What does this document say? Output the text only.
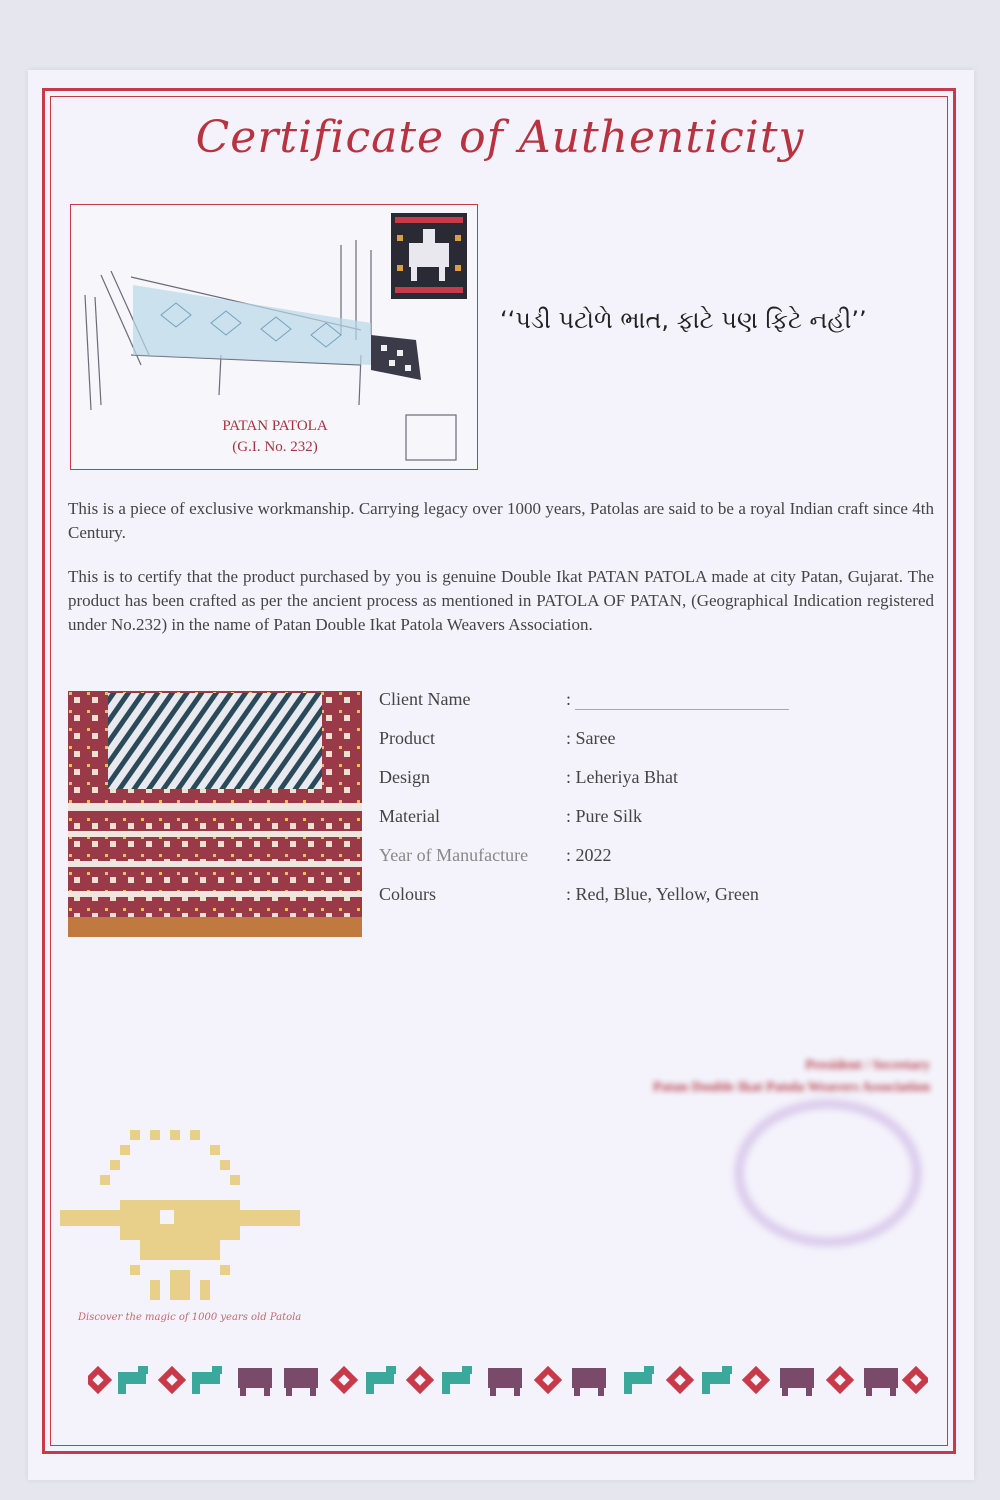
Certificate of Authenticity
PATAN PATOLA
(G.I. No. 232)
‘‘પડી પટોળે ભાત, ફાટે પણ ફિટે નહી’’
This is a piece of exclusive workmanship. Carrying legacy over 1000 years, Patolas are said to be a royal Indian craft since 4th Century.
This is to certify that the product purchased by you is genuine Double Ikat PATAN PATOLA made at city Patan, Gujarat. The product has been crafted as per the ancient process as mentioned in PATOLA OF PATAN, (Geographical Indication registered under No.232) in the name of Patan Double Ikat Patola Weavers Association.
Client Name	:
Product	: Saree
Design	: Leheriya Bhat
Material	: Pure Silk
Year of Manufacture : 2022
Colours	: Red, Blue, Yellow, Green
President / Secretary
Patan Double Ikat Patola Weavers Association
Discover the magic of 1000 years old Patola
